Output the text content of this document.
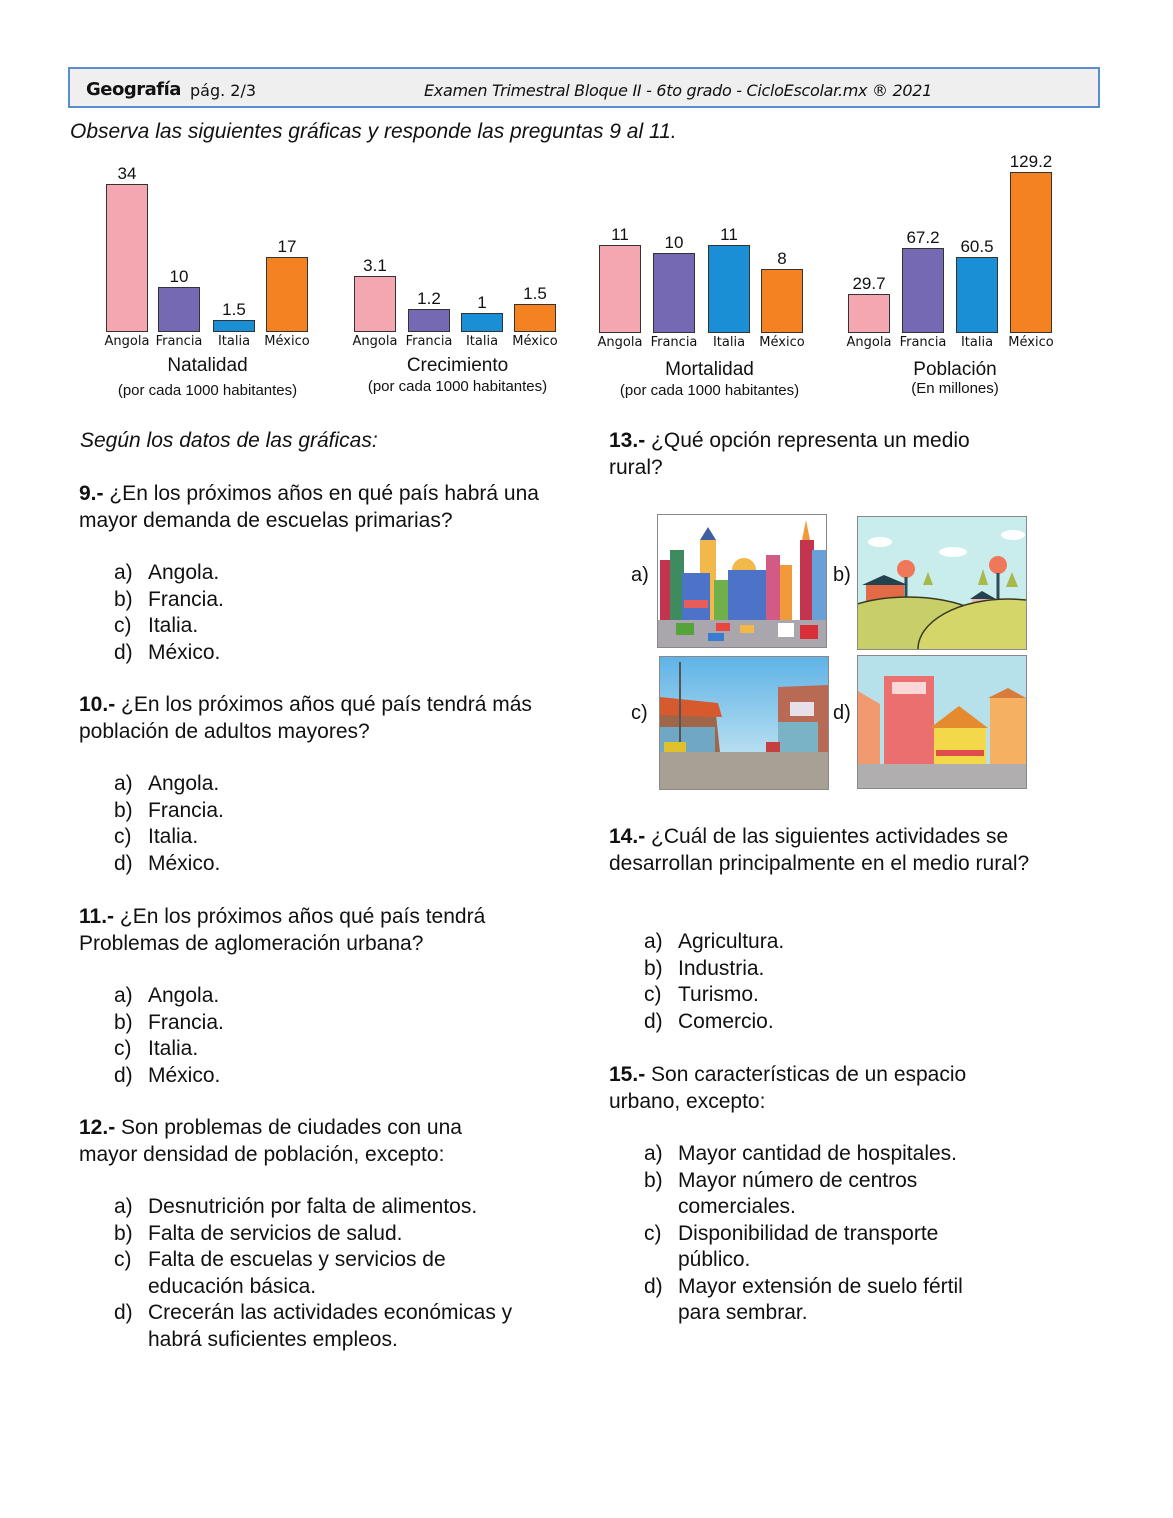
Geografía pág. 2/3	Examen Trimestral Bloque II - 6to grado - CicloEscolar.mx ® 2021
Observa las siguientes gráficas y responde las preguntas 9 al 11.
34
Angola
10
Francia
1.5
Italia
17
México
Natalidad
(por cada 1000 habitantes)
3.1
Angola
1.2
Francia
1
Italia
1.5
México
Crecimiento
(por cada 1000 habitantes)
11
Angola
10
Francia
11
Italia
8
México
Mortalidad
(por cada 1000 habitantes)
29.7
Angola
67.2
Francia
60.5
Italia
129.2
México
Población
(En millones)
Según los datos de las gráficas:
9.- ¿En los próximos años en qué país habrá una mayor demanda de escuelas primarias?
a) Angola.
b) Francia.
c) Italia.
d) México.
10.- ¿En los próximos años qué país tendrá más población de adultos mayores?
a) Angola.
b) Francia.
c) Italia.
d) México.
11.- ¿En los próximos años qué país tendrá Problemas de aglomeración urbana?
a) Angola.
b) Francia.
c) Italia.
d) México.
12.- Son problemas de ciudades con una mayor densidad de población, excepto:
a) Desnutrición por falta de alimentos.
b) Falta de servicios de salud.
c) Falta de escuelas y servicios de educación básica.
d) Crecerán las actividades económicas y habrá suficientes empleos.
13.- ¿Qué opción representa un medio rural?
a)	b)
c)	d)
14.- ¿Cuál de las siguientes actividades se desarrollan principalmente en el medio rural?
a) Agricultura.
b) Industria.
c) Turismo.
d) Comercio.
15.- Son características de un espacio urbano, excepto:
a) Mayor cantidad de hospitales.
b) Mayor número de centros comerciales.
c) Disponibilidad de transporte público.
d) Mayor extensión de suelo fértil para sembrar.
